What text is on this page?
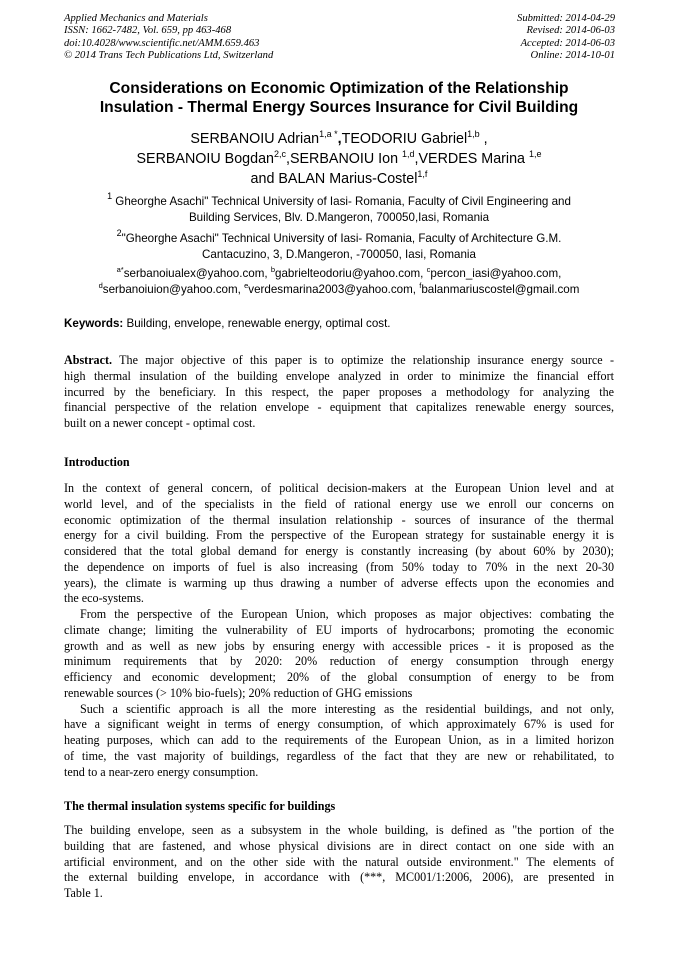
Applied Mechanics and Materials
ISSN: 1662-7482, Vol. 659, pp 463-468
doi:10.4028/www.scientific.net/AMM.659.463
© 2014 Trans Tech Publications Ltd, Switzerland
Submitted: 2014-04-29
Revised: 2014-06-03
Accepted: 2014-06-03
Online: 2014-10-01
Considerations on Economic Optimization of the Relationship
Insulation - Thermal Energy Sources Insurance for Civil Building
SERBANOIU Adrian$^{1,a *}$,TEODORIU Gabriel$^{1,b}$ ,
SERBANOIU Bogdan$^{2,c}$,SERBANOIU Ion $^{1,d}$,VERDES Marina $^{1,e}$
and BALAN Marius-Costel$^{1,f}$
$^1$ Gheorghe Asachi" Technical University of Iasi- Romania, Faculty of Civil Engineering and
Building Services, Blv. D.Mangeron, 700050,Iasi, Romania
$^2$"Gheorghe Asachi" Technical University of Iasi- Romania, Faculty of Architecture G.M.
Cantacuzino, 3, D.Mangeron, -700050, Iasi, Romania
$^{a*}$serbanoiualex@yahoo.com, $^b$gabrielteodoriu@yahoo.com, $^c$percon_iasi@yahoo.com,
$^d$serbanoiuion@yahoo.com, $^e$verdesmarina2003@yahoo.com, $^f$balanmariuscostel@gmail.com
Keywords: Building, envelope, renewable energy, optimal cost.
Abstract. The major objective of this paper is to optimize the relationship insurance energy source -
high thermal insulation of the building envelope analyzed in order to minimize the financial effort
incurred by the beneficiary. In this respect, the paper proposes a methodology for analyzing the
financial perspective of the relation envelope - equipment that capitalizes renewable energy sources,
built on a newer concept - optimal cost.
Introduction
In the context of general concern, of political decision-makers at the European Union level and at
world level, and of the specialists in the field of rational energy use we enroll our concerns on
economic optimization of the thermal insulation relationship - sources of insurance of the thermal
energy for a civil building. From the perspective of the European strategy for sustainable energy it is
considered that the total global demand for energy is constantly increasing (by about 60% by 2030);
the dependence on imports of fuel is also increasing (from 50% today to 70% in the next 20-30
years), the climate is warming up thus drawing a number of adverse effects upon the economies and
the eco-systems.
From the perspective of the European Union, which proposes as major objectives: combating the
climate change; limiting the vulnerability of EU imports of hydrocarbons; promoting the economic
growth and as well as new jobs by ensuring energy with accessible prices - it is proposed as the
minimum requirements that by 2020: 20% reduction of energy consumption through energy
efficiency and economic development; 20% of the global consumption of energy to be from
renewable sources (> 10% bio-fuels); 20% reduction of GHG emissions
Such a scientific approach is all the more interesting as the residential buildings, and not only,
have a significant weight in terms of energy consumption, of which approximately 67% is used for
heating purposes, which can add to the requirements of the European Union, as in a limited horizon
of time, the vast majority of buildings, regardless of the fact that they are new or rehabilitated, to
tend to a near-zero energy consumption.
The thermal insulation systems specific for buildings
The building envelope, seen as a subsystem in the whole building, is defined as "the portion of the
building that are fastened, and whose physical divisions are in direct contact on one side with an
artificial environment, and on the other side with the natural outside environment." The elements of
the external building envelope, in accordance with (***, MC001/1:2006, 2006), are presented in
Table 1.
